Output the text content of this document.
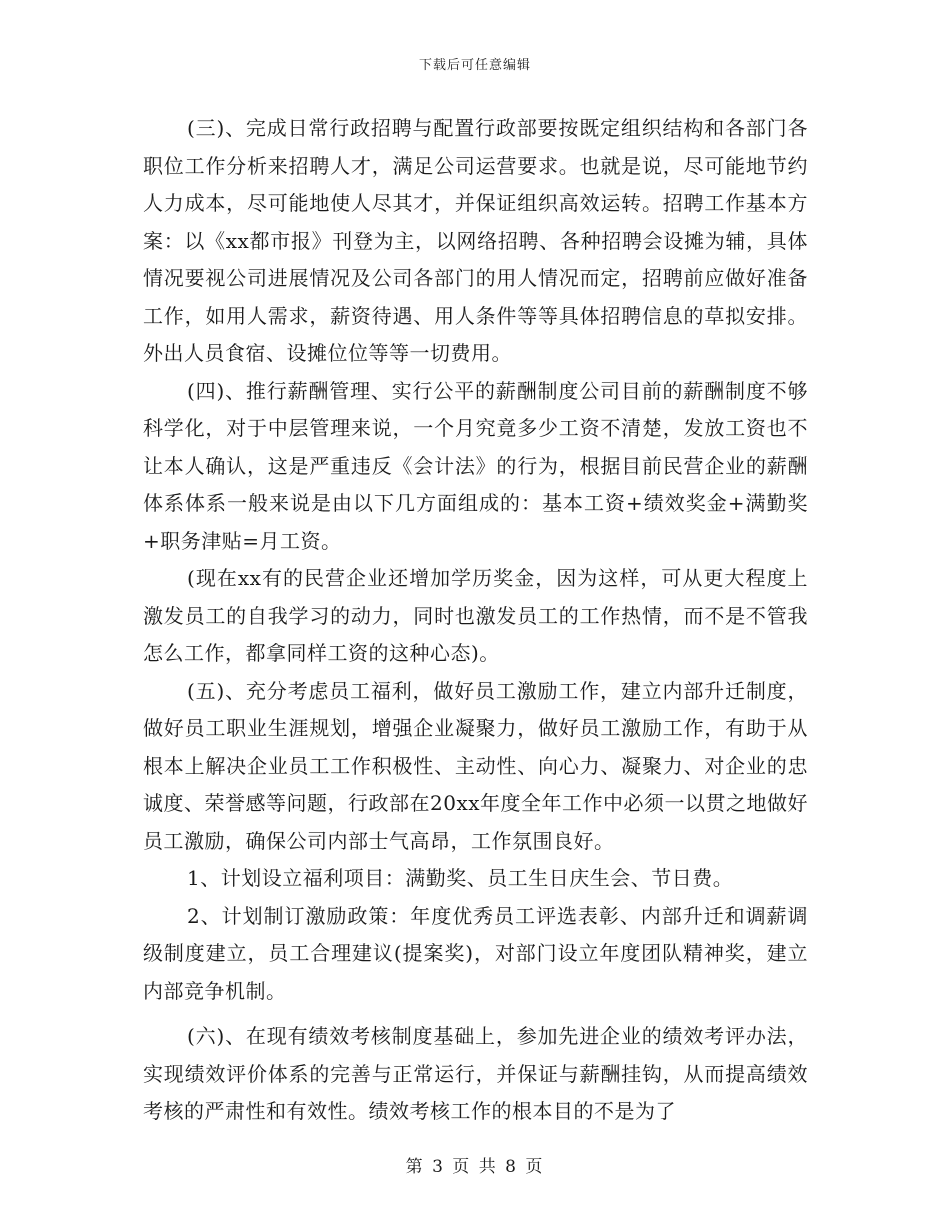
下载后可任意编辑

(三)、完成日常行政招聘与配置行政部要按既定组织结构和各部门各职位工作分析来招聘人才，满足公司运营要求。也就是说，尽可能地节约人力成本，尽可能地使人尽其才，并保证组织高效运转。招聘工作基本方案：以《xx都市报》刊登为主，以网络招聘、各种招聘会设摊为辅，具体情况要视公司进展情况及公司各部门的用人情况而定，招聘前应做好准备工作，如用人需求，薪资待遇、用人条件等等具体招聘信息的草拟安排。外出人员食宿、设摊位位等等一切费用。

(四)、推行薪酬管理、实行公平的薪酬制度公司目前的薪酬制度不够科学化，对于中层管理来说，一个月究竟多少工资不清楚，发放工资也不让本人确认，这是严重违反《会计法》的行为，根据目前民营企业的薪酬体系体系一般来说是由以下几方面组成的：基本工资+绩效奖金+满勤奖+职务津贴=月工资。

(现在xx有的民营企业还增加学历奖金，因为这样，可从更大程度上激发员工的自我学习的动力，同时也激发员工的工作热情，而不是不管我怎么工作，都拿同样工资的这种心态)。

(五)、充分考虑员工福利，做好员工激励工作，建立内部升迁制度，做好员工职业生涯规划，增强企业凝聚力，做好员工激励工作，有助于从根本上解决企业员工工作积极性、主动性、向心力、凝聚力、对企业的忠诚度、荣誉感等问题，行政部在20xx年度全年工作中必须一以贯之地做好员工激励，确保公司内部士气高昂，工作氛围良好。

1、计划设立福利项目：满勤奖、员工生日庆生会、节日费。

2、计划制订激励政策：年度优秀员工评选表彰、内部升迁和调薪调级制度建立，员工合理建议(提案奖)，对部门设立年度团队精神奖，建立内部竞争机制。

(六)、在现有绩效考核制度基础上，参加先进企业的绩效考评办法，实现绩效评价体系的完善与正常运行，并保证与薪酬挂钩，从而提高绩效考核的严肃性和有效性。绩效考核工作的根本目的不是为了

第 3 页 共 8 页
